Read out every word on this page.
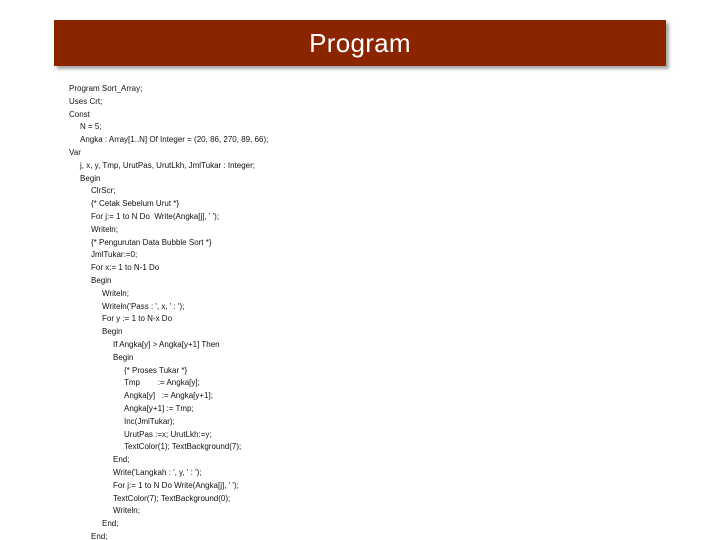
Program
Program Sort_Array;
Uses Crt;
Const
N = 5;
Angka : Array[1..N] Of Integer = (20, 86, 270, 89, 66);
Var
j, x, y, Tmp, UrutPas, UrutLkh, JmlTukar : Integer;
Begin
ClrScr;
{* Cetak Sebelum Urut *}
For j:= 1 to N Do  Write(Angka[j], ' ');
Writeln;
{* Pengurutan Data Bubble Sort *}
JmlTukar:=0;
For x:= 1 to N-1 Do
Begin
Writeln;
Writeln('Pass : ', x, ' : ');
For y := 1 to N-x Do
Begin
If Angka[y] > Angka[y+1] Then
Begin
{* Proses Tukar *}
Tmp        := Angka[y];
Angka[y]   := Angka[y+1];
Angka[y+1] := Tmp;
Inc(JmlTukar);
UrutPas :=x; UrutLkh:=y;
TextColor(1); TextBackground(7);
End;
Write('Langkah : ', y, ' : ');
For j:= 1 to N Do Write(Angka[j], ' ');
TextColor(7); TextBackground(0);
Writeln;
End;
End;
